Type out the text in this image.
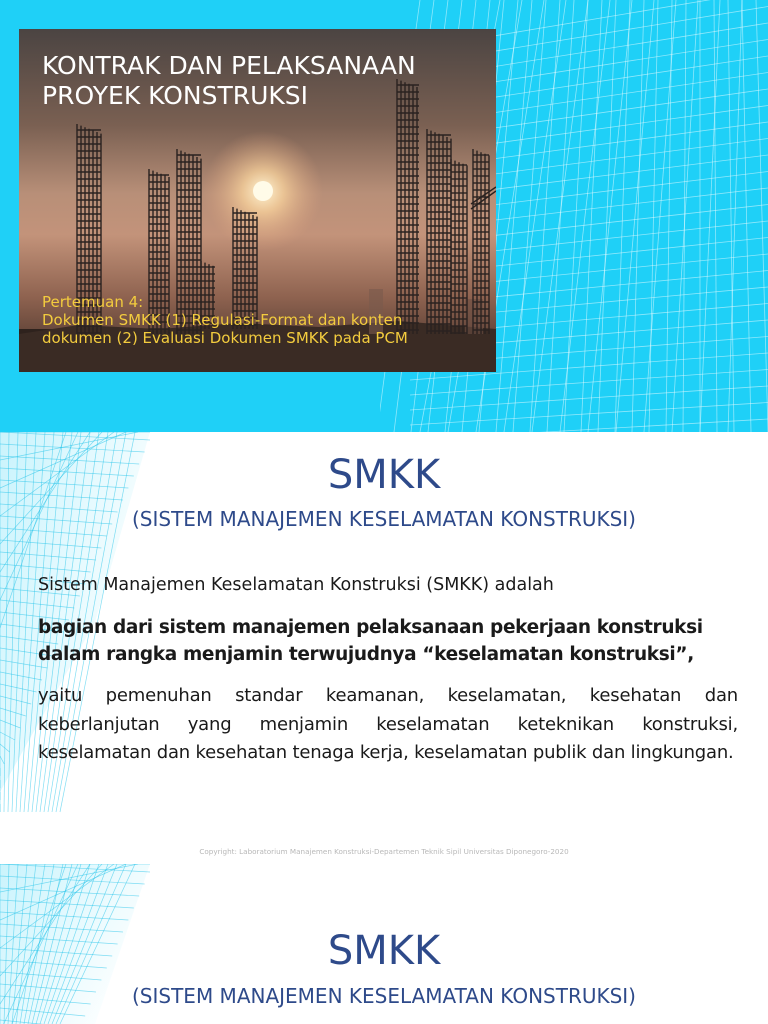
KONTRAK DAN PELAKSANAAN
PROYEK KONSTRUKSI
Pertemuan 4:
Dokumen SMKK (1) Regulasi-Format dan konten
dokumen (2) Evaluasi Dokumen SMKK pada PCM
SMKK
(SISTEM MANAJEMEN KESELAMATAN KONSTRUKSI)
Sistem Manajemen Keselamatan Konstruksi (SMKK) adalah
bagian dari sistem manajemen pelaksanaan pekerjaan konstruksi
dalam rangka menjamin terwujudnya “keselamatan konstruksi”,
yaitu pemenuhan standar keamanan, keselamatan, kesehatan dan keberlanjutan yang menjamin keselamatan keteknikan konstruksi, keselamatan dan kesehatan tenaga kerja, keselamatan publik dan lingkungan.
Copyright: Laboratorium Manajemen Konstruksi-Departemen Teknik Sipil Universitas Diponegoro-2020
SMKK
(SISTEM MANAJEMEN KESELAMATAN KONSTRUKSI)
